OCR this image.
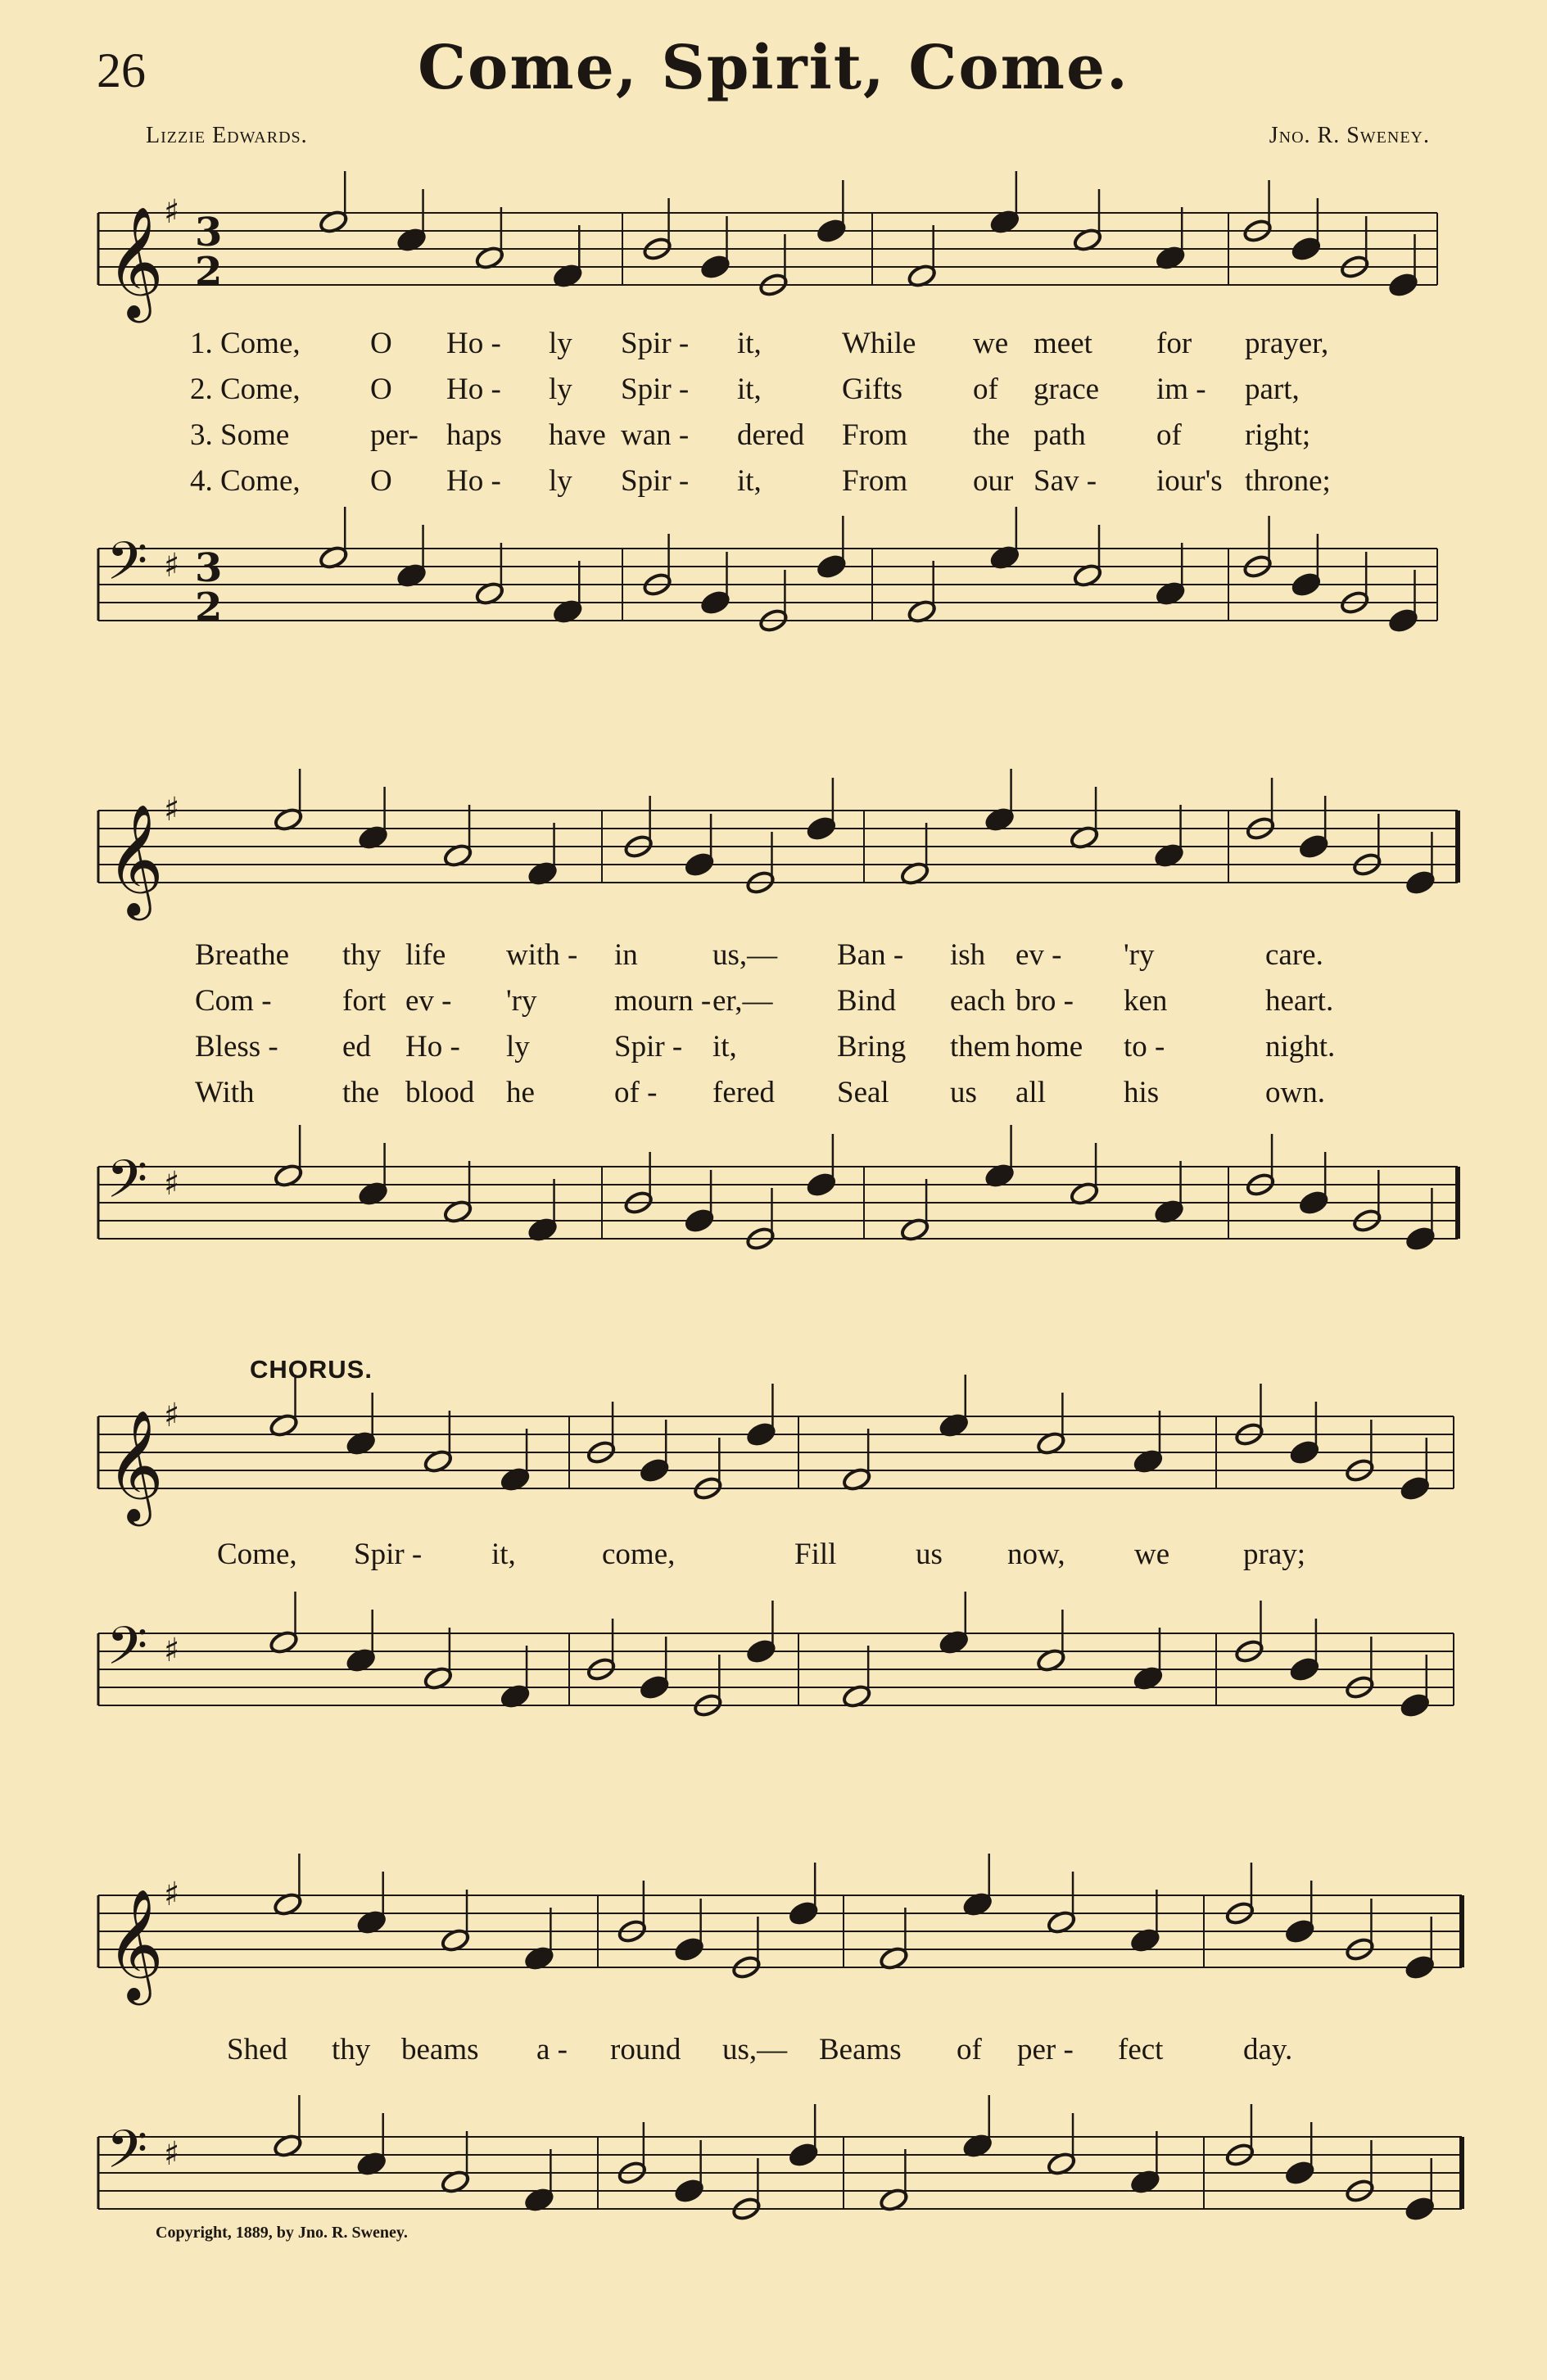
26	Come, Spirit, Come.
Lizzie Edwards.	Jno. R. Sweney.
𝄞 ♯ 3
2
1. Come, O Ho - ly Spir - it,	While we meet for prayer,
2. Come, O Ho - ly Spir - it,	Gifts of grace im - part,
3. Some	per- haps have wan - dered From the path of right;
4. Come, O Ho - ly Spir - it,	From our Sav - iour's throne;
𝄢 ♯ 3
2
𝄞 ♯
Breathe thy life with - in us,— Ban - ish ev - 'ry	care.
Com - fort ev - 'ry	mourn - er,— Bind each bro - ken	heart.
Bless - ed Ho - ly	Spir - it,	Bring them home to -	night.
With	the blood he	of - fered Seal us all	his	own.
𝄢 ♯
CHORUS.
𝄞 ♯
Come, Spir - it,	come,	Fill	us now, we pray;
𝄢 ♯
𝄞 ♯
Shed thy beams a - round us,— Beams of per - fect	day.
𝄢 ♯
Copyright, 1889, by Jno. R. Sweney.
